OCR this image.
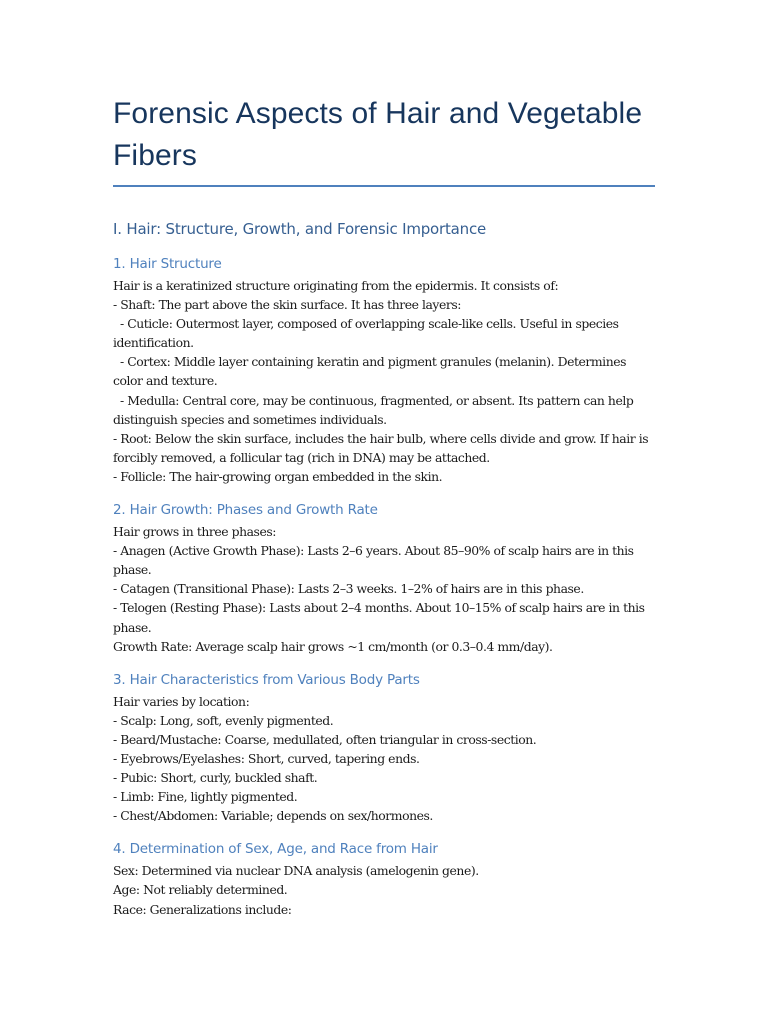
Forensic Aspects of Hair and Vegetable
Fibers
I. Hair: Structure, Growth, and Forensic Importance
1. Hair Structure
Hair is a keratinized structure originating from the epidermis. It consists of:
- Shaft: The part above the skin surface. It has three layers:
- Cuticle: Outermost layer, composed of overlapping scale-like cells. Useful in species
identification.
- Cortex: Middle layer containing keratin and pigment granules (melanin). Determines
color and texture.
- Medulla: Central core, may be continuous, fragmented, or absent. Its pattern can help
distinguish species and sometimes individuals.
- Root: Below the skin surface, includes the hair bulb, where cells divide and grow. If hair is
forcibly removed, a follicular tag (rich in DNA) may be attached.
- Follicle: The hair-growing organ embedded in the skin.
2. Hair Growth: Phases and Growth Rate
Hair grows in three phases:
- Anagen (Active Growth Phase): Lasts 2–6 years. About 85–90% of scalp hairs are in this
phase.
- Catagen (Transitional Phase): Lasts 2–3 weeks. 1–2% of hairs are in this phase.
- Telogen (Resting Phase): Lasts about 2–4 months. About 10–15% of scalp hairs are in this
phase.
Growth Rate: Average scalp hair grows ~1 cm/month (or 0.3–0.4 mm/day).
3. Hair Characteristics from Various Body Parts
Hair varies by location:
- Scalp: Long, soft, evenly pigmented.
- Beard/Mustache: Coarse, medullated, often triangular in cross-section.
- Eyebrows/Eyelashes: Short, curved, tapering ends.
- Pubic: Short, curly, buckled shaft.
- Limb: Fine, lightly pigmented.
- Chest/Abdomen: Variable; depends on sex/hormones.
4. Determination of Sex, Age, and Race from Hair
Sex: Determined via nuclear DNA analysis (amelogenin gene).
Age: Not reliably determined.
Race: Generalizations include:
